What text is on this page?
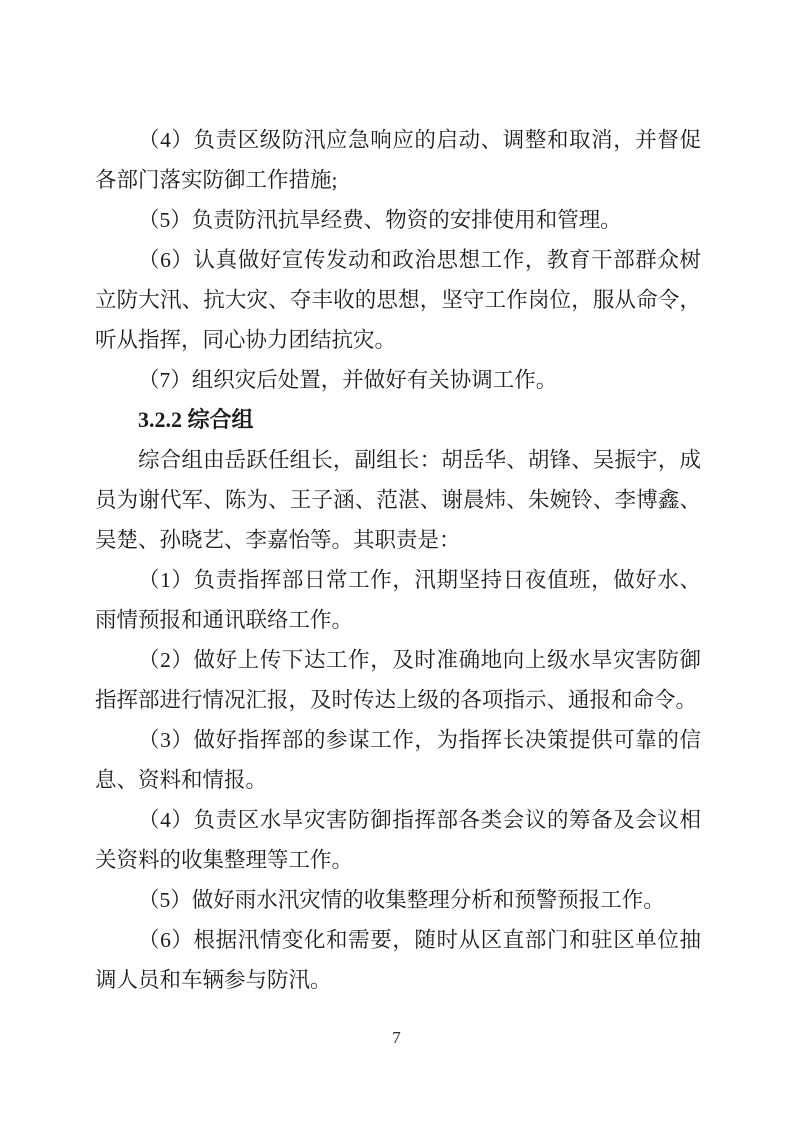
（4）负责区级防汛应急响应的启动、调整和取消，并督促
各部门落实防御工作措施;
（5）负责防汛抗旱经费、物资的安排使用和管理。
（6）认真做好宣传发动和政治思想工作，教育干部群众树
立防大汛、抗大灾、夺丰收的思想，坚守工作岗位，服从命令，
听从指挥，同心协力团结抗灾。
（7）组织灾后处置，并做好有关协调工作。
3.2.2 综合组
综合组由岳跃任组长，副组长：胡岳华、胡锋、吴振宇，成
员为谢代军、陈为、王子涵、范湛、谢晨炜、朱婉铃、李博鑫、
吴楚、孙晓艺、李嘉怡等。其职责是：
（1）负责指挥部日常工作，汛期坚持日夜值班，做好水、
雨情预报和通讯联络工作。
（2）做好上传下达工作，及时准确地向上级水旱灾害防御
指挥部进行情况汇报，及时传达上级的各项指示、通报和命令。
（3）做好指挥部的参谋工作，为指挥长决策提供可靠的信
息、资料和情报。
（4）负责区水旱灾害防御指挥部各类会议的筹备及会议相
关资料的收集整理等工作。
（5）做好雨水汛灾情的收集整理分析和预警预报工作。
（6）根据汛情变化和需要，随时从区直部门和驻区单位抽
调人员和车辆参与防汛。
7
